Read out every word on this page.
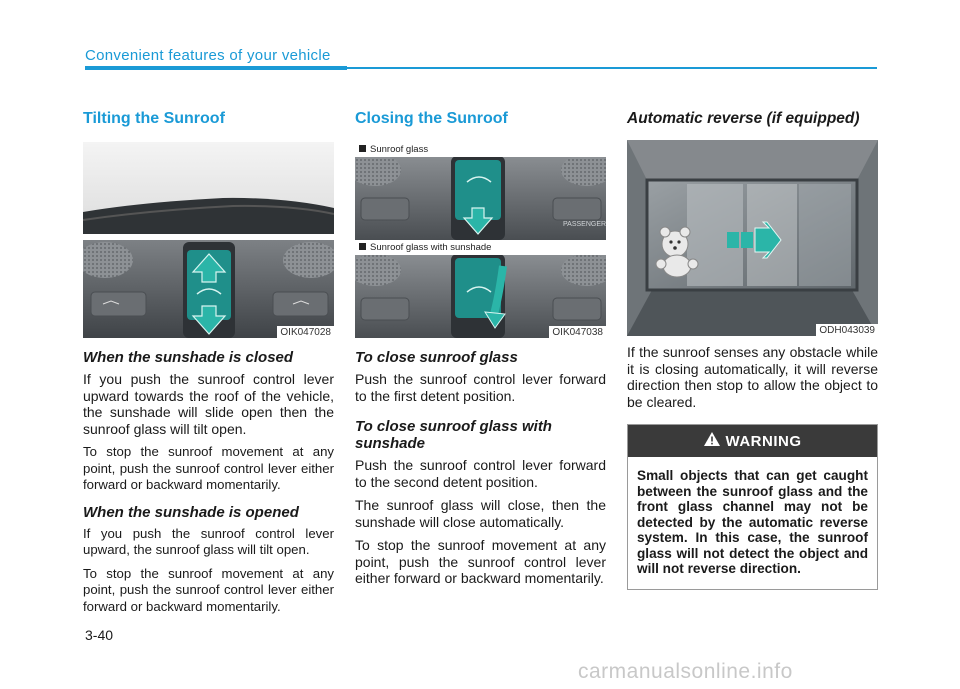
Convenient features of your vehicle
Tilting the Sunroof
OIK047028
When the sunshade is closed

If you push the sunroof control lever upward towards the roof of the vehicle, the sunshade will slide open then the sunroof glass will tilt open.

To stop the sunroof movement at any point, push the sunroof control lever either forward or backward momentarily.

When the sunshade is opened

If you push the sunroof control lever upward, the sunroof glass will tilt open.

To stop the sunroof movement at any point, push the sunroof control lever either forward or backward momentarily.

Closing the Sunroof
PASSENGER
Sunroof glass
Sunroof glass with sunshade
OIK047038
To close sunroof glass

Push the sunroof control lever forward to the first detent position.

To close sunroof glass with sunshade

Push the sunroof control lever forward to the second detent position.

The sunroof glass will close, then the sunshade will close automatically.

To stop the sunroof movement at any point, push the sunroof control lever either forward or backward momentarily.

Automatic reverse (if equipped)
ODH043039

If the sunroof senses any obstacle while it is closing automatically, it will reverse direction then stop to allow the object to be cleared.

WARNING
Small objects that can get caught between the sunroof glass and the front glass channel may not be detected by the automatic reverse system. In this case, the sunroof glass will not detect the object and will not reverse direction.
3-40
carmanualsonline.info
